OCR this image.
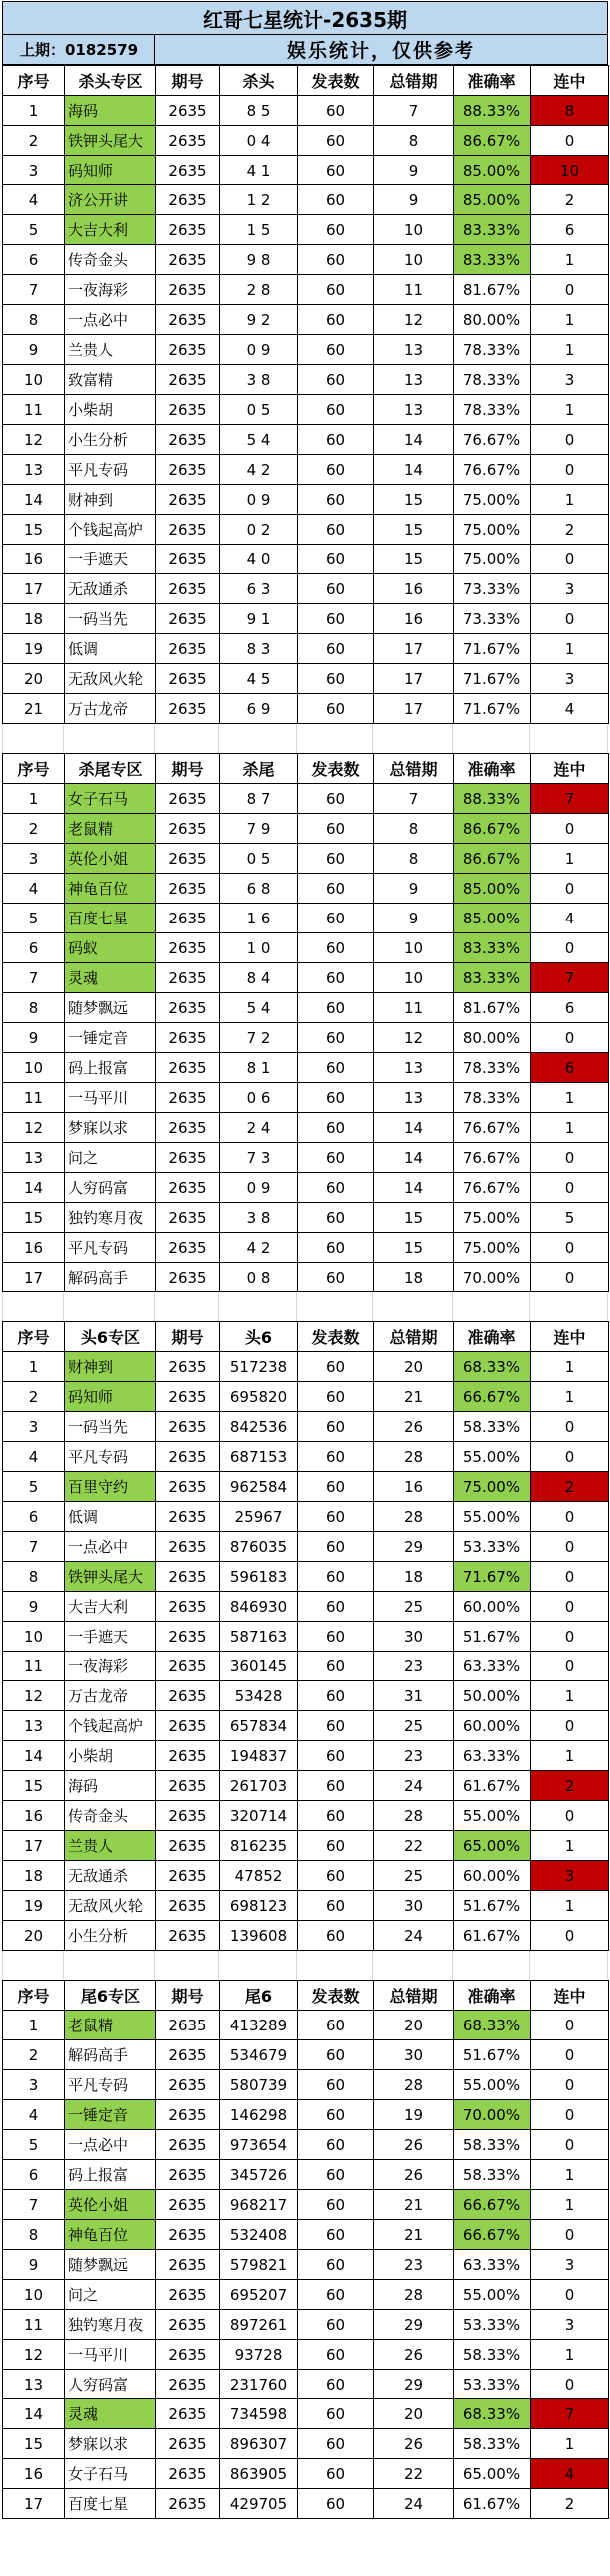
红哥七星统计-2635期
上期：0182579	娱乐统计，仅供参考
序号	杀头专区	期号	杀头	发表数	总错期	准确率	连中
1	海码	2635	8 5	60	7	88.33%	8
2	铁钾头尾大	2635	0 4	60	8	86.67%	0
3	码知师	2635	4 1	60	9	85.00%	10
4	济公开讲	2635	1 2	60	9	85.00%	2
5	大吉大利	2635	1 5	60	10	83.33%	6
6	传奇金头	2635	9 8	60	10	83.33%	1
7	一夜海彩	2635	2 8	60	11	81.67%	0
8	一点必中	2635	9 2	60	12	80.00%	1
9	兰贵人	2635	0 9	60	13	78.33%	1
10	致富精	2635	3 8	60	13	78.33%	3
11	小柴胡	2635	0 5	60	13	78.33%	1
12	小生分析	2635	5 4	60	14	76.67%	0
13	平凡专码	2635	4 2	60	14	76.67%	0
14	财神到	2635	0 9	60	15	75.00%	1
15	个钱起高炉	2635	0 2	60	15	75.00%	2
16	一手遮天	2635	4 0	60	15	75.00%	0
17	无敌通杀	2635	6 3	60	16	73.33%	3
18	一码当先	2635	9 1	60	16	73.33%	0
19	低调	2635	8 3	60	17	71.67%	1
20	无敌风火轮	2635	4 5	60	17	71.67%	3
21	万古龙帝	2635	6 9	60	17	71.67%	4
序号	杀尾专区	期号	杀尾	发表数	总错期	准确率	连中
1	女子石马	2635	8 7	60	7	88.33%	7
2	老鼠精	2635	7 9	60	8	86.67%	0
3	英伦小姐	2635	0 5	60	8	86.67%	1
4	神龟百位	2635	6 8	60	9	85.00%	0
5	百度七星	2635	1 6	60	9	85.00%	4
6	码蚁	2635	1 0	60	10	83.33%	0
7	灵魂	2635	8 4	60	10	83.33%	7
8	随梦飘远	2635	5 4	60	11	81.67%	6
9	一锤定音	2635	7 2	60	12	80.00%	0
10	码上报富	2635	8 1	60	13	78.33%	6
11	一马平川	2635	0 6	60	13	78.33%	1
12	梦寐以求	2635	2 4	60	14	76.67%	1
13	问之	2635	7 3	60	14	76.67%	0
14	人穷码富	2635	0 9	60	14	76.67%	0
15	独钓寒月夜	2635	3 8	60	15	75.00%	5
16	平凡专码	2635	4 2	60	15	75.00%	0
17	解码高手	2635	0 8	60	18	70.00%	0
序号	头6专区	期号	头6	发表数	总错期	准确率	连中
1	财神到	2635	517238	60	20	68.33%	1
2	码知师	2635	695820	60	21	66.67%	1
3	一码当先	2635	842536	60	26	58.33%	0
4	平凡专码	2635	687153	60	28	55.00%	0
5	百里守约	2635	962584	60	16	75.00%	2
6	低调	2635	25967	60	28	55.00%	0
7	一点必中	2635	876035	60	29	53.33%	0
8	铁钾头尾大	2635	596183	60	18	71.67%	0
9	大吉大利	2635	846930	60	25	60.00%	0
10	一手遮天	2635	587163	60	30	51.67%	0
11	一夜海彩	2635	360145	60	23	63.33%	0
12	万古龙帝	2635	53428	60	31	50.00%	1
13	个钱起高炉	2635	657834	60	25	60.00%	0
14	小柴胡	2635	194837	60	23	63.33%	1
15	海码	2635	261703	60	24	61.67%	2
16	传奇金头	2635	320714	60	28	55.00%	0
17	兰贵人	2635	816235	60	22	65.00%	1
18	无敌通杀	2635	47852	60	25	60.00%	3
19	无敌风火轮	2635	698123	60	30	51.67%	1
20	小生分析	2635	139608	60	24	61.67%	0
序号	尾6专区	期号	尾6	发表数	总错期	准确率	连中
1	老鼠精	2635	413289	60	20	68.33%	0
2	解码高手	2635	534679	60	30	51.67%	0
3	平凡专码	2635	580739	60	28	55.00%	0
4	一锤定音	2635	146298	60	19	70.00%	0
5	一点必中	2635	973654	60	26	58.33%	0
6	码上报富	2635	345726	60	26	58.33%	1
7	英伦小姐	2635	968217	60	21	66.67%	1
8	神龟百位	2635	532408	60	21	66.67%	0
9	随梦飘远	2635	579821	60	23	63.33%	3
10	问之	2635	695207	60	28	55.00%	0
11	独钓寒月夜	2635	897261	60	29	53.33%	3
12	一马平川	2635	93728	60	26	58.33%	1
13	人穷码富	2635	231760	60	29	53.33%	0
14	灵魂	2635	734598	60	20	68.33%	7
15	梦寐以求	2635	896307	60	26	58.33%	1
16	女子石马	2635	863905	60	22	65.00%	4
17	百度七星	2635	429705	60	24	61.67%	2
